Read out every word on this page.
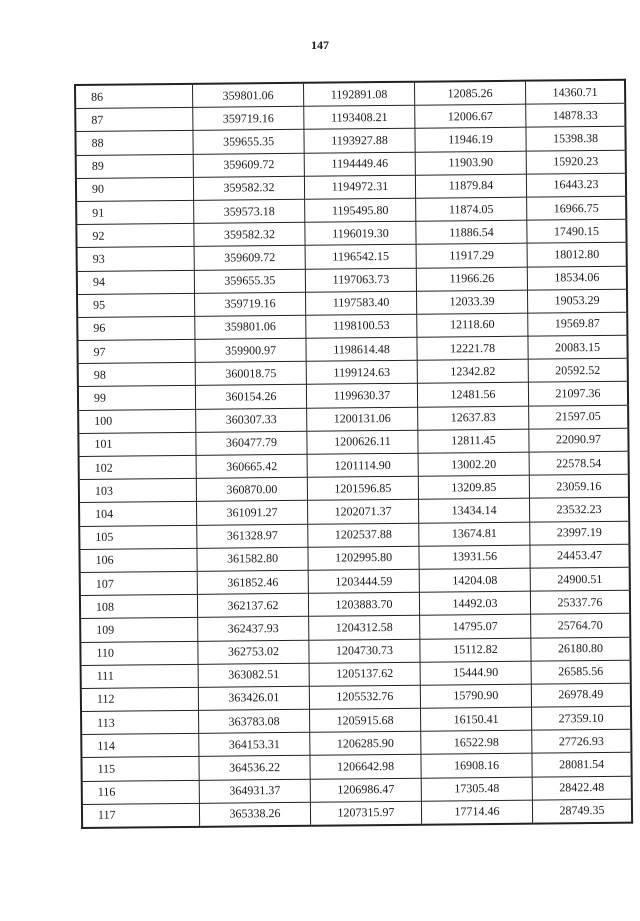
147
86	359801.06	1192891.08	12085.26	14360.71
87	359719.16	1193408.21	12006.67	14878.33
88	359655.35	1193927.88	11946.19	15398.38
89	359609.72	1194449.46	11903.90	15920.23
90	359582.32	1194972.31	11879.84	16443.23
91	359573.18	1195495.80	11874.05	16966.75
92	359582.32	1196019.30	11886.54	17490.15
93	359609.72	1196542.15	11917.29	18012.80
94	359655.35	1197063.73	11966.26	18534.06
95	359719.16	1197583.40	12033.39	19053.29
96	359801.06	1198100.53	12118.60	19569.87
97	359900.97	1198614.48	12221.78	20083.15
98	360018.75	1199124.63	12342.82	20592.52
99	360154.26	1199630.37	12481.56	21097.36
100	360307.33	1200131.06	12637.83	21597.05
101	360477.79	1200626.11	12811.45	22090.97
102	360665.42	1201114.90	13002.20	22578.54
103	360870.00	1201596.85	13209.85	23059.16
104	361091.27	1202071.37	13434.14	23532.23
105	361328.97	1202537.88	13674.81	23997.19
106	361582.80	1202995.80	13931.56	24453.47
107	361852.46	1203444.59	14204.08	24900.51
108	362137.62	1203883.70	14492.03	25337.76
109	362437.93	1204312.58	14795.07	25764.70
110	362753.02	1204730.73	15112.82	26180.80
111	363082.51	1205137.62	15444.90	26585.56
112	363426.01	1205532.76	15790.90	26978.49
113	363783.08	1205915.68	16150.41	27359.10
114	364153.31	1206285.90	16522.98	27726.93
115	364536.22	1206642.98	16908.16	28081.54
116	364931.37	1206986.47	17305.48	28422.48
117	365338.26	1207315.97	17714.46	28749.35
